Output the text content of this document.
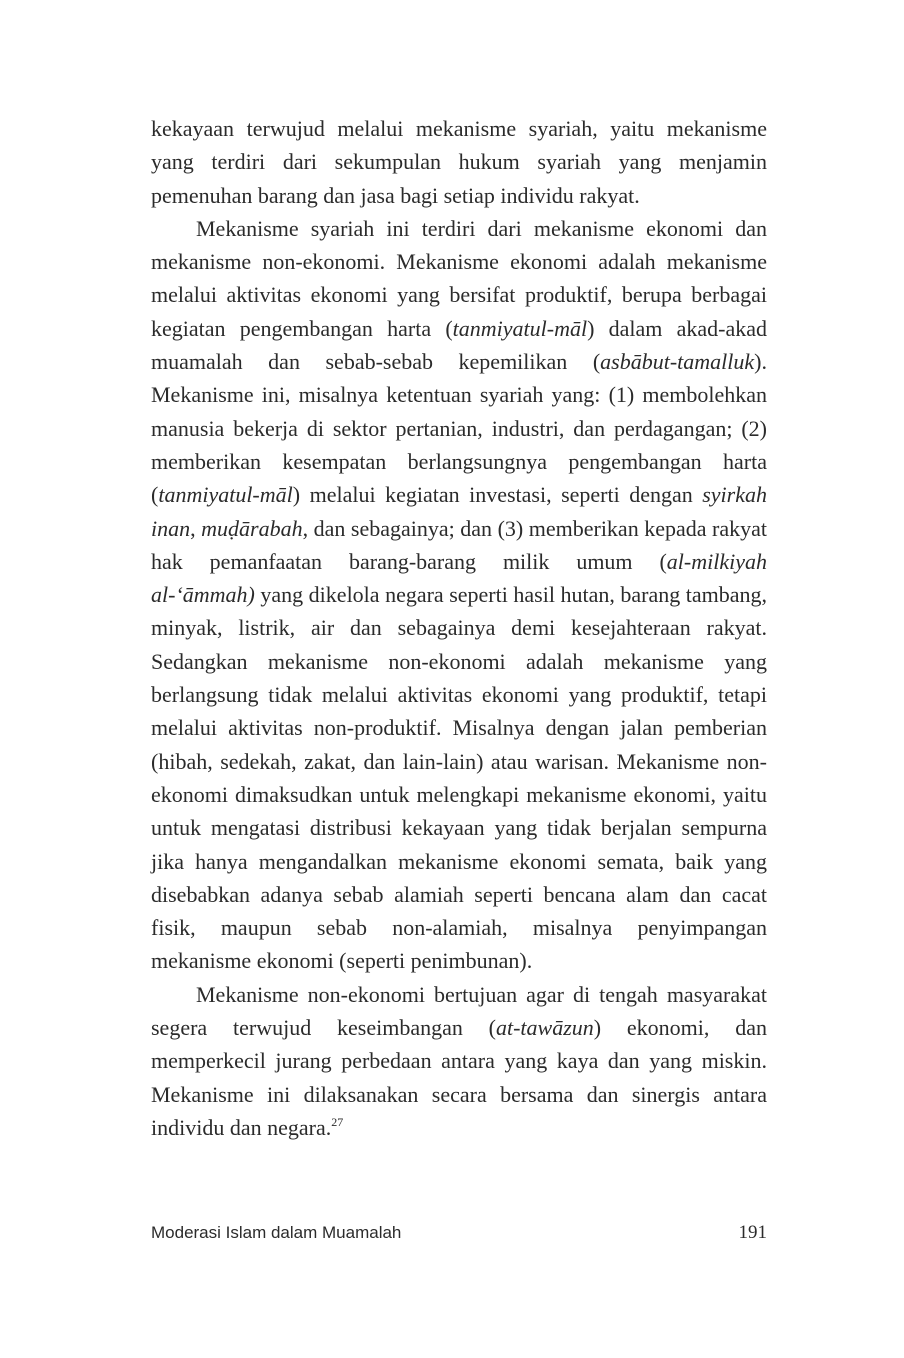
kekayaan terwujud melalui mekanisme syariah, yaitu mekanisme yang terdiri dari sekumpulan hukum syariah yang menjamin pemenuhan barang dan jasa bagi setiap individu rakyat.

Mekanisme syariah ini terdiri dari mekanisme ekonomi dan mekanisme non-ekonomi. Mekanisme ekonomi adalah mekanisme melalui aktivitas ekonomi yang bersifat produktif, berupa berbagai kegiatan pengembangan harta (tanmiyatul-māl) dalam akad-akad muamalah dan sebab-sebab kepemilikan (asbābut-tamalluk). Mekanisme ini, misalnya ketentuan syariah yang: (1) membolehkan manusia bekerja di sektor pertanian, industri, dan perdagangan; (2) memberikan kesempatan berlangsungnya pengembangan harta (tanmiyatul-māl) melalui kegiatan investasi, seperti dengan syirkah inan, muḍārabah, dan sebagainya; dan (3) memberikan kepada rakyat hak pemanfaatan barang-barang milik umum (al-milkiyah al-‘āmmah) yang dikelola negara seperti hasil hutan, barang tambang, minyak, listrik, air dan sebagainya demi kesejahteraan rakyat. Sedangkan mekanisme non-ekonomi adalah mekanisme yang berlangsung tidak melalui aktivitas ekonomi yang produktif, tetapi melalui aktivitas non-produktif. Misalnya dengan jalan pemberian (hibah, sedekah, zakat, dan lain-lain) atau warisan. Mekanisme non-ekonomi dimaksudkan untuk melengkapi mekanisme ekonomi, yaitu untuk mengatasi distribusi kekayaan yang tidak berjalan sempurna jika hanya mengandalkan mekanisme ekonomi semata, baik yang disebabkan adanya sebab alamiah seperti bencana alam dan cacat fisik, maupun sebab non-alamiah, misalnya penyimpangan mekanisme ekonomi (seperti penimbunan).

Mekanisme non-ekonomi bertujuan agar di tengah masyarakat segera terwujud keseimbangan (at-tawāzun) ekonomi, dan memperkecil jurang perbedaan antara yang kaya dan yang miskin. Mekanisme ini dilaksanakan secara bersama dan sinergis antara individu dan negara.$^{27}$

Moderasi Islam dalam Muamalah	191
